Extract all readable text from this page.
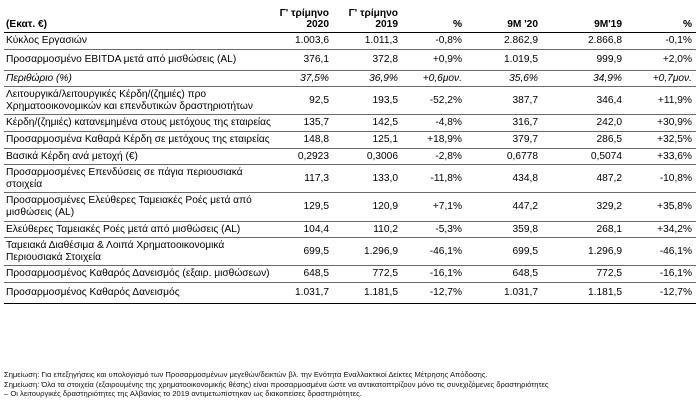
(Εκατ. €)	Γ' τρίμηνο 2020	Γ' τρίμηνο 2019	%	9Μ '20	9Μ'19	%
Κύκλος Εργασιών	1.003,6	1.011,3	-0,8%	2.862,9	2.866,8	-0,1%
Προσαρμοσμένο EBITDA μετά από μισθώσεις (AL)	376,1	372,8	+0,9%	1.019,5	999,9	+2,0%
Περιθώριο (%)	37,5%	36,9%	+0,6μον.	35,6%	34,9%	+0,7μον.
Λειτουργικά/λειτουργικές Κέρδη/(ζημιές) προ Χρηματοοικονομικών και επενδυτικών δραστηριοτήτων	92,5	193,5	-52,2%	387,7	346,4	+11,9%
Κέρδη/(ζημιές) κατανεμημένα στους μετόχους της εταιρείας	135,7	142,5	-4,8%	316,7	242,0	+30,9%
Προσαρμοσμένα Καθαρά Κέρδη σε μετόχους της εταιρείας	148,8	125,1	+18,9%	379,7	286,5	+32,5%
Βασικά Κέρδη ανά μετοχή (€)	0,2923	0,3006	-2,8%	0,6778	0,5074	+33,6%
Προσαρμοσμένες Επενδύσεις σε πάγια περιουσιακά στοιχεία	117,3	133,0	-11,8%	434,8	487,2	-10,8%
Προσαρμοσμένες Ελεύθερες Ταμειακές Ροές μετά από μισθώσεις (AL)	129,5	120,9	+7,1%	447,2	329,2	+35,8%
Ελεύθερες Ταμειακές Ροές μετά από μισθώσεις (AL)	104,4	110,2	-5,3%	359,8	268,1	+34,2%
Ταμειακά Διαθέσιμα & Λοιπά Χρηματοοικονομικά Περιουσιακά Στοιχεία	699,5	1.296,9	-46,1%	699,5	1.296,9	-46,1%
Προσαρμοσμένος Καθαρός Δανεισμός (εξαιρ. μισθώσεων)	648,5	772,5	-16,1%	648,5	772,5	-16,1%
Προσαρμοσμένος Καθαρός Δανεισμός	1.031,7	1.181,5	-12,7%	1.031,7	1.181,5	-12,7%
Σημείωση: Για επεξηγήσεις και υπολογισμό των Προσαρμοσμένων μεγεθών/δεικτών βλ. την Ενότητα Εναλλακτικοί Δείκτες Μέτρησης Απόδοσης.
Σημείωση: Όλα τα στοιχεία (εξαιρουμένης της χρηματοοικονομικής θέσης) είναι προσαρμοσμένα ώστε να αντικατοπτρίζουν μόνο τις συνεχιζόμενες δραστηριότητες
– Οι λειτουργικές δραστηριότητες της Αλβανίας το 2019 αντιμετωπίστηκαν ως διακοπείσες δραστηριότητες.
